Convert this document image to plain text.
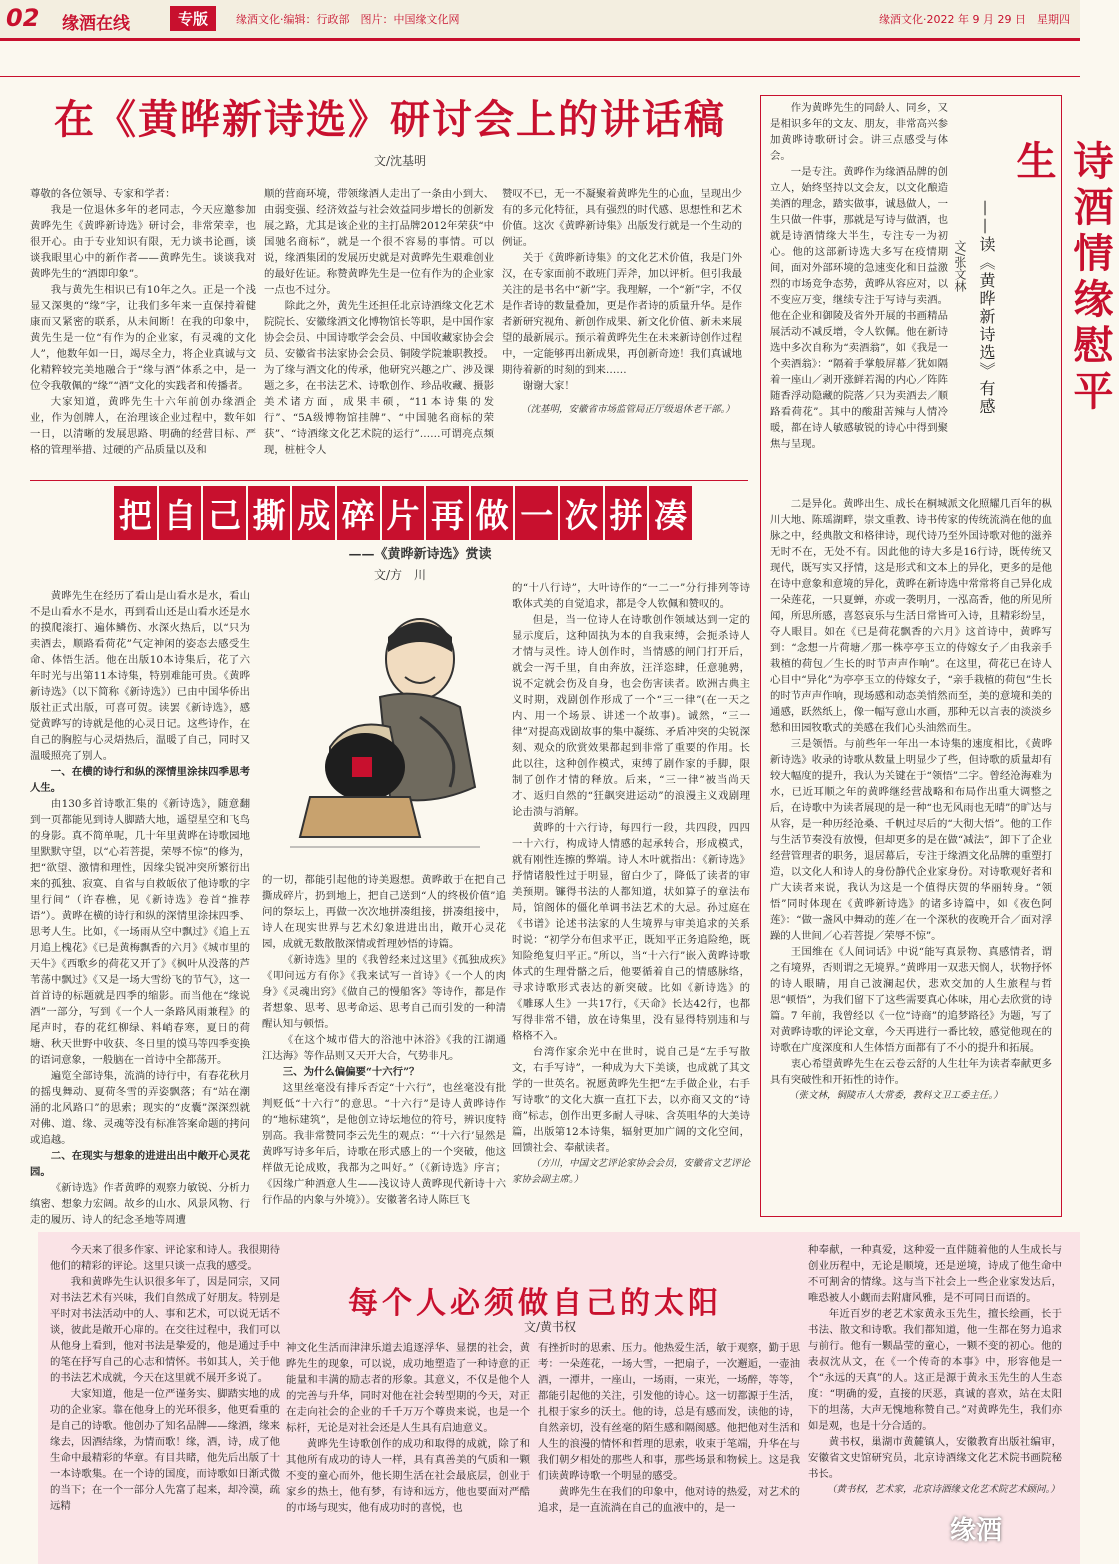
02 缘酒在线	专版	缘酒文化·编辑：行政部　图片：中国缘文化网	缘酒文化·2022 年 9 月 29 日　星期四
在《黄晔新诗选》研讨会上的讲话稿
文/沈基明

尊敬的各位领导、专家和学者：

我是一位退休多年的老同志，今天应邀参加黄晔先生《黄晔新诗选》研讨会，非常荣幸，也很开心。由于专业知识有限，无力谈书论画，谈谈我眼里心中的新作者——黄晔先生。谈谈我对黄晔先生的“酒即印象”。

我与黄先生相识已有10年之久。正是一个浅显又深奥的“缘”字，让我们多年来一直保持着健康而又紧密的联系，从未间断！在我的印象中，黄先生是一位“有作为的企业家，有灵魂的文化人”，他数年如一日，竭尽全力，将企业真诚与文化精粹较完美地融合于“缘与酒”体系之中，是一位令我敬佩的“缘”“酒”文化的实践者和传播者。

大家知道，黄晔先生十六年前创办缘酒企业，作为创牌人，在治理该企业过程中，数年如一日，以清晰的发展思路、明确的经营目标、严格的管理举措、过硬的产品质量以及和

顺的营商环境，带领缘酒人走出了一条由小到大、由弱变强、经济效益与社会效益同步增长的创新发展之路，尤其是该企业的主打品牌2012年荣获“中国驰名商标”，就是一个很不容易的事情。可以说，缘酒集团的发展历史就是对黄晔先生艰难创业的最好佐证。称赞黄晔先生是一位有作为的企业家一点也不过分。

除此之外，黄先生还担任北京诗酒缘文化艺术院院长、安徽缘酒文化博物馆长等职，是中国作家协会会员、中国诗歌学会会员、中国收藏家协会会员、安徽省书法家协会会员、铜陵学院兼职教授。为了缘与酒文化的传承，他研究兴趣之广、涉及课题之多，在书法艺术、诗歌创作、珍品收藏、摄影美术诸方面，成果丰硕，“11本诗集的发行”、“5A级博物馆挂牌”、“中国驰名商标的荣获”、“诗酒缘文化艺术院的运行”……可谓亮点频现，桩桩令人

赞叹不已，无一不凝聚着黄晔先生的心血，呈现出少有的多元化特征，具有强烈的时代感、思想性和艺术价值。这次《黄晔新诗集》出版发行就是一个生动的例证。

关于《黄晔新诗集》的文化艺术价值，我是门外汉，在专家面前不敢班门弄斧，加以评析。但引我最关注的是书名中“新”字。我理解，一个“新”字，不仅是作者诗的数量叠加，更是作者诗的质量升华。是作者新研究视角、新创作成果、新文化价值、新未来展望的最新展示。预示着黄晔先生在未来新诗创作过程中，一定能够再出新成果，再创新奇迹！我们真诚地期待着新的时刻的到来……

谢谢大家！

（沈基明，安徽省市场监管局正厅级退休老干部。）

把 自 己 撕 成 碎 片 再 做 一 次 拼 凑
——《黄晔新诗选》赏读
文/方　川

黄晔先生在经历了看山是山看水是水，看山不是山看水不是水，再到看山还是山看水还是水的摸爬滚打、遍体鳞伤、水深火热后，以“只为卖酒去，顺路看荷花”气定神闲的姿态去感受生命、体悟生活。他在出版10本诗集后，花了六年时光与出第11本诗集，特别难能可贵。《黄晔新诗选》（以下简称《新诗选》）已由中国华侨出版社正式出版，可喜可贺。读罢《新诗选》，感觉黄晔写的诗就是他的心灵日记。这些诗作，在自己的胸腔与心灵焐热后，温暖了自己，同时又温暖照亮了别人。

一、在横的诗行和纵的深情里涂抹四季思考人生。

由130多首诗歌汇集的《新诗选》，随意翻到一页都能见到诗人脚踏大地，遥望星空和飞鸟的身影。真不简单呢，几十年里黄晔在诗歌园地里默默守望，以“心若菩提，荣辱不惊”的修为，把“欲望、激情和理性，因缘尖锐冲突所繁衍出来的孤独、寂寞、自省与自救皈依了他诗歌的字里行间”（许春樵，见《新诗选》卷首“推荐语”）。黄晔在横的诗行和纵的深情里涂抹四季、思考人生。比如，《一场雨从空中飘过》《追上五月追上槐花》《已是黄梅飘香的六月》《城市里的天牛》《西歌乡的荷花又开了》《枫叶从没落的芦苇荡中飘过》《又是一场大雪纷飞的节气》，这一首首诗的标题就是四季的缩影。而当他在“缘说酒”一部分，写到《一个人一条路风雨兼程》的尾声时，春的花红柳绿、料峭春寒，夏日的荷塘、秋天世野中收获、冬日里的馍马等四季变换的语词意象，一般脑在一首诗中全都荡开。

遍览全部诗集，流淌的诗行中，有春花秋月的摇曳舞动、夏荷冬雪的弄姿飘落；有“站在潮涌的北风路口”的思索；现实的“皮囊”深深烈就对佛、道、缘、灵魂等没有标准答案命题的拷问或追越。

二、在现实与想象的进进出出中敞开心灵花园。

《新诗选》作者黄晔的观察力敏锐、分析力缜密、想象力宏阔。故乡的山水、风景风物、行走的履历、诗人的纪念圣地等周遭

的一切，都能引起他的诗美遐想。黄晔敢于在把自己撕成碎片，扔到地上，把自己送到“人的终极价值”追问的祭坛上，再做一次次地拼凑组接，拼凑组接中，诗人在现实世界与艺术幻象进进出出，敞开心灵花园，成就无数散散深情或哲理妙悟的诗篇。

《新诗选》里的《我曾经来过这里》《孤独成疾》《叩问远方有你》《我来试写一首诗》《一个人的肉身》《灵魂出窍》《做自己的慢船客》等诗作，都是作者想象、思考、思考命运、思考自己而引发的一种清醒认知与顿悟。

《在这个城市借大的浴池中沐浴》《我的江湖通江达海》等作品则又天开大合，气势非凡。

三、为什么偏偏要“十六行”？

这里丝毫没有排斥否定“十六行”，也丝毫没有批判贬低“十六行”的意思。“十六行”是诗人黄晔诗作的“地标建筑”，是他创立诗坛地位的符号，辨识度特别高。我非常赞同李云先生的观点：“‘十六行’显然是黄晔写诗多年后，诗歌在形式感上的一个突破，他这样做无论成败，我都为之叫好。”（《新诗选》序言；《因缘广种酒意人生——浅议诗人黄晔现代新诗十六行作品的内象与外境》）。安徽著名诗人陈巨飞

的“十八行诗”，大叶诗作的“一二一”分行排列等诗歌体式美的自觉追求，都是令人钦佩和赞叹的。

但是，当一位诗人在诗歌创作领域达到一定的显示度后，这种固执为本的自我束缚，会扼杀诗人才情与灵性。诗人创作时，当情感的闸门打开后，就会一泻千里，自由奔放，汪洋恣肆，任意驰骋，说不定就会伤及自身，也会伤害读者。欧洲古典主义时期，戏剧创作形成了一个“三一律”(在一天之内、用一个场景、讲述一个故事)。诚然，“三一律”对提高戏剧故事的集中凝练、矛盾冲突的尖锐深刻、观众的欣赏效果都起到非常了重要的作用。长此以往，这种创作模式，束缚了剧作家的手脚，限制了创作才情的释放。后来，“三一律”被当尚天才、返归自然的“狂飙突进运动”的浪漫主义戏剧理论击溃与消解。

黄晔的十六行诗，每四行一段，共四段，四四一十六行，构成诗人情感的起承转合，形成模式，就有刚性连擦的弊端。诗人木叶就指出：《新诗选》抒情诸般性过于明显，留白少了，降低了读者的审美预期。镰得书法的人都知道，状如算子的章法布局，馆阁体的僵化单调书法艺术的大忌。孙过庭在《书谱》论述书法家的人生境界与审美追求的关系时说：“初学分布但求平正，既知平正务追险绝，既知险绝复归平正。”所以，当“十六行”嵌入黄晔诗歌体式的生理骨骼之后，他要循着自己的情感脉络，寻求诗歌形式表达的新突破。比如《新诗选》的《雕琢人生》一共17行，《天命》长达42行，也都写得非常不错，放在诗集里，没有显得特别违和与格格不入。

台湾作家余光中在世时，说自己是“左手写散文，右手写诗”，一种成为大下美谈，也成就了其文学的一世英名。祝愿黄晔先生把“左手做企业，右手写诗歌”的文化大旗一直扛下去，以亦商又文的“诗商”标志，创作出更多耐人寻味、含英咀华的大美诗篇，出版第12本诗集，辐射更加广阔的文化空间，回馈社会、奉献读者。

（方川，中国文艺评论家协会会员，安徽省文艺评论家协会副主席。）

诗酒情缘慰平生
——读《黄晔新诗选》有感
文/张文林

作为黄晔先生的同龄人、同乡，又是相识多年的文友、朋友，非常高兴参加黄晔诗歌研讨会。讲三点感受与体会。

一是专注。黄晔作为缘酒品牌的创立人，始终坚持以文会友，以文化酿造美酒的理念，踏实做事，诚恳做人，一生只做一件事，那就是写诗与做酒，也就是诗酒情缘大半生，专注专一为初心。他的这部新诗选大多写在疫情期间，面对外部环境的急速变化和日益激烈的市场竞争态势，黄晔从容应对，以不变应万变，继续专注于写诗与卖酒。他在企业和御陵及省外开展的书画精品展活动不减反增，令人钦佩。他在新诗选中多次自称为“卖酒翁”，如《我是一个卖酒翁》：“隔着手掌般屏幕／犹如隔着一座山／剥开涨鲜若渴的内心／阵阵随香浮动隐藏的院落／只为卖酒去／顺路看荷花”。其中的酸甜苦辣与人情冷暖，都在诗人敏感敏锐的诗心中得到聚焦与呈现。

二是异化。黄晔出生、成长在桐城派文化照耀几百年的枞川大地、陈瑶湖畔，崇文重教、诗书传家的传统流淌在他的血脉之中，经典散文和格律诗，现代诗乃至外国诗歌对他的滋养无时不在，无处不有。因此他的诗大多是16行诗，既传统又现代，既写实又抒情，这是形式和文本上的异化，更多的是他在诗中意象和意境的异化，黄晔在新诗选中常常将自己异化成一朵莲花，一只夏蝉，亦或一袭明月，一泓高香，他的所见所闻，所思所感，喜怒哀乐与生活日常皆可入诗，且精彩纷呈，夺人眼目。如在《已是荷花飘香的六月》这首诗中，黄晔写到：“念想一片荷塘／那一株亭亭玉立的侍嫁女子／由我亲手栽植的荷包／生长的时节声声作响”。在这里，荷花已在诗人心目中“异化”为亭亭玉立的侍嫁女子，“亲手栽植的荷包”生长的时节声声作响，现场感和动态美悄然而至，美的意境和美的通感，跃然纸上，像一幅写意山水画，那种无以言表的淡淡乡愁和田园牧歌式的美感在我们心头油然而生。

三是领悟。与前些年一年出一本诗集的速度相比，《黄晔新诗选》收录的诗歌从数量上明显少了些，但诗歌的质量却有较大幅度的提升，我认为关键在于“领悟”二字。曾经沧海难为水，已近耳顺之年的黄晔继经营战略和布局作出重大调整之后，在诗歌中为读者展现的是一种“也无风雨也无晴”的旷达与从容，是一种历经沧桑、千帆过尽后的“大彻大悟”。他的工作与生活节奏没有放慢，但却更多的是在做“减法”，卸下了企业经营管理者的职务，退居幕后，专注于缘酒文化品牌的重塑打造，以文化人和诗人的身份静代企业家身份。对诗歌观好者和广大读者来说，我认为这是一个值得庆贺的华丽转身。“领悟”同时体现在《黄晔新诗选》的诸多诗篇中，如《夜色阿莲》：“做一盏风中舞动的莲／在一个深秋的夜晚开合／面对浮躁的人世间／心若菩提／荣辱不惊”。

王国维在《人间词话》中说“能写真景物、真感情者，谓之有境界，否则谓之无境界。”黄晔用一双悲天悯人，状物抒怀的诗人眼睛，用自己波澜起伏，悲欢交加的人生旅程与哲思“顿悟”，为我们留下了这些需要真心体味，用心去欣赏的诗篇。7 年前，我曾经以《一位“诗商”的追梦路径》为题，写了对黄晔诗歌的评论文章，今天再进行一番比较，感觉他现在的诗歌在广度深度和人生体悟方面都有了不小的提升和拓展。

衷心希望黄晔先生在云卷云舒的人生壮年为读者奉献更多具有突破性和开拓性的诗作。

（张文林，铜陵市人大常委，教科文卫工委主任。）

每个人必须做自己的太阳
文/黄书权

今天来了很多作家、评论家和诗人。我很期待他们的精彩的评论。这里只谈一点我的感受。

我和黄晔先生认识很多年了，因是同宗，又同对书法艺术有兴味，我们自然成了好朋友。特别是平时对书法活动中的人、事和艺术，可以说无话不谈，彼此是敞开心扉的。在交往过程中，我们可以从他身上看到，他对书法是挚爱的，他是通过手中的笔在抒写自己的心志和情怀。书如其人，关于他的书法艺术成就，今天在这里就不展开多说了。

大家知道，他是一位严谨务实、脚踏实地的成功的企业家。靠在他身上的光环很多，他更看重的是自己的诗歌。他创办了知名品牌——缘酒，缘来缘去，因酒结缘，为情而歌！缘，酒，诗，成了他生命中最精彩的华章。有目共睹，他先后出版了十一本诗歌集。在一个诗的国度，而诗歌如日渐式微的当下；在一个一部分人先富了起来，却冷漠，疏远精

神文化生活而津津乐道去追逐浮华、显摆的社会，黄晔先生的现象，可以说，成功地塑造了一种诗意的正能量和丰满的励志者的形象。其意义，不仅是他个人的完善与升华，同时对他在社会转型期的今天，对正在走向社会的企业的千千万万个尊贵来说，也是一个标杆，无论是对社会还是人生具有启迪意义。

黄晔先生诗歌创作的成功和取得的成就，除了和其他所有成功的诗人一样，具有真善美的气质和一颗不变的童心而外，他长期生活在社会最底层，创业于家乡的热土，他有梦，有诗和远方，他也要面对严酷的市场与现实，他有成功时的喜悦，也

有挫折时的思索、压力。他热爱生活，敏于观察，勤于思考：一朵莲花，一场大雪，一把扇子，一次邂逅，一壶油酒，一潭井，一座山，一场雨，一束光，一场醉，等等，都能引起他的关注，引发他的诗心。这一切都源于生活，扎根于家乡的沃土。他的诗，总是有感而发，读他的诗，自然亲切，没有丝毫的陌生感和隔阂感。他把他对生活和人生的浪漫的情怀和哲理的思索，收束于笔端，升华在与我们朝夕相处的那些人和事，那些场景和物候上。这是我们读黄晔诗歌一个明显的感受。

黄晔先生在我们的印象中，他对诗的热爱，对艺术的追求，是一直流淌在自己的血液中的，是一

种奉献，一种真爱，这种爱一直伴随着他的人生成长与创业历程中，无论是顺境，还是逆境，诗成了他生命中不可割舍的情缘。这与当下社会上一些企业家发达后，唯恐被人小觑而去附庸风雅，是不可同日而语的。

年近百岁的老艺术家黄永玉先生，擅长绘画，长于书法、散文和诗歌。我们都知道，他一生都在努力追求与前行。他有一颗晶莹的童心，一颗不变的初心。他的表叔沈从文，在《一个传奇的本事》中，形容他是一个“永远的天真”的人。这正是源于黄永玉先生的人生态度：“明确的爱，直接的厌恶，真诚的喜欢，站在太阳下的坦荡，大声无愧地称赞自己。”对黄晔先生，我们亦如是观，也是十分合适的。

黄书权，巢湖市黄麓镇人，安徽教育出版社编审，安徽省文史馆研究员，北京诗酒缘文化艺术院书画院秘书长。

（黄书权，艺术家，北京诗酒缘文化艺术院艺术顾问。）

缘酒
